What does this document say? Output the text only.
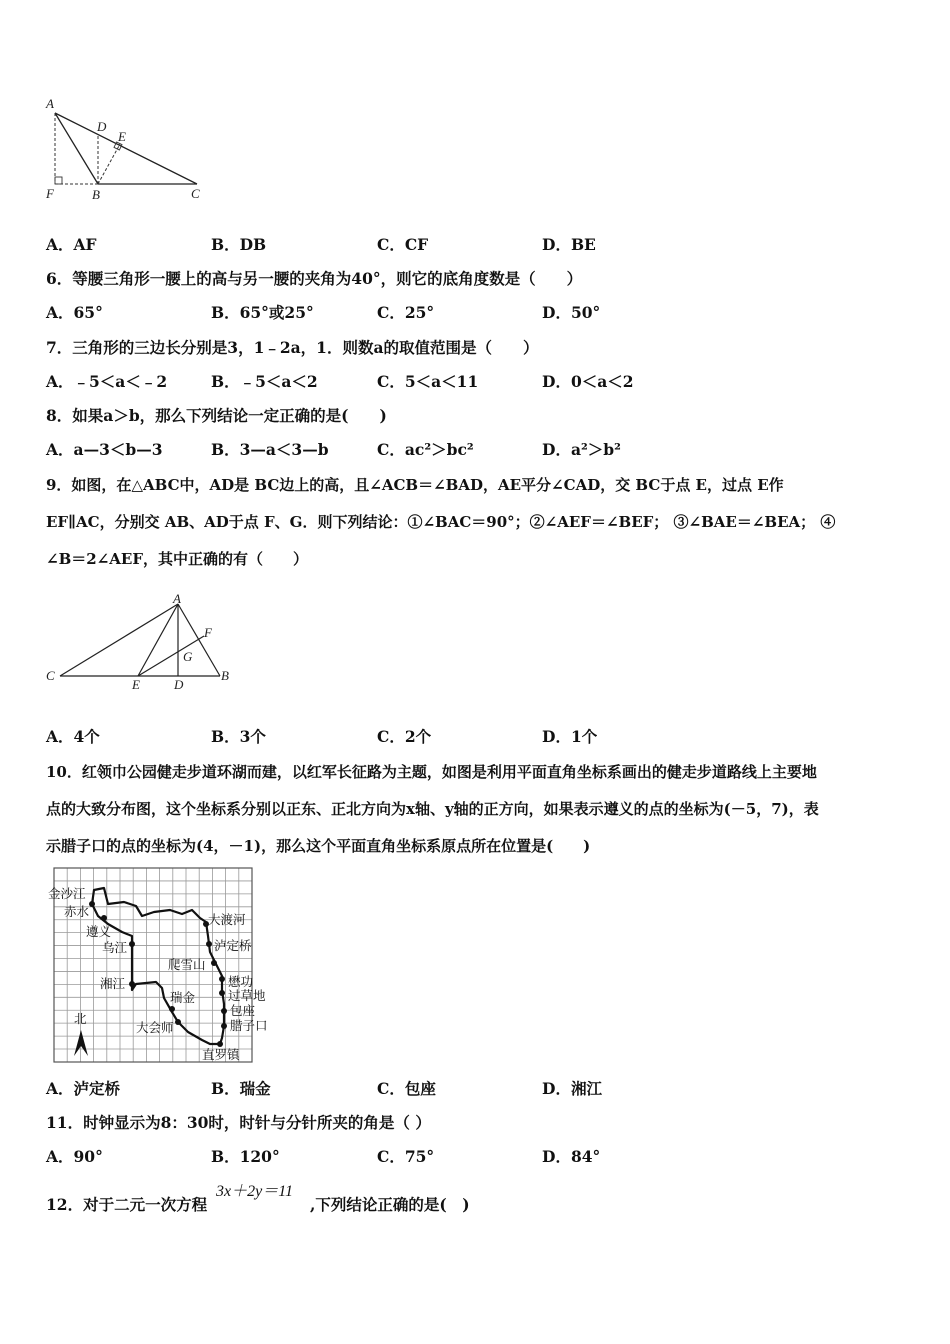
A
D
E
F	B	C
A．AF	B．DB	C．CF	D．BE
6．等腰三角形一腰上的高与另一腰的夹角为40°，则它的底角度数是（　　）
A．65°	B．65°或25°	C．25°	D．50°
7．三角形的三边长分别是3，1﹣2a，1．则数a的取值范围是（　　）
A．﹣5＜a＜﹣2	B．﹣5＜a＜2	C．5＜a＜11	D．0＜a＜2
8．如果a＞b，那么下列结论一定正确的是(　　)
A．a—3＜b—3	B．3—a＜3—b	C．ac²＞bc²	D．a²＞b²
9．如图，在△ABC中，AD是 BC边上的高，且∠ACB＝∠BAD，AE平分∠CAD，交 BC于点 E，过点 E作
EF∥AC，分别交 AB、AD于点 F、G．则下列结论：①∠BAC＝90°；②∠AEF＝∠BEF； ③∠BAE＝∠BEA； ④
∠B＝2∠AEF，其中正确的有（　　）
A
F
G
C
E	D
B
A．4个	B．3个	C．2个	D．1个
10．红领巾公园健走步道环湖而建，以红军长征路为主题，如图是利用平面直角坐标系画出的健走步道路线上主要地
点的大致分布图，这个坐标系分别以正东、正北方向为x轴、y轴的正方向，如果表示遵义的点的坐标为(－5，7)，表
示腊子口的点的坐标为(4，－1)，那么这个平面直角坐标系原点所在位置是(　　)
金沙江
赤水
遵义
乌江
湘江
瑞金
大会师
大渡河
泸定桥
爬雪山
懋功
过草地
包座
腊子口
直罗镇
北
A．泸定桥	B．瑞金	C．包座	D．湘江
11．时钟显示为8：30时，时针与分针所夹的角是（ ）
A．90°	B．120°	C．75°	D．84°
12．对于二元一次方程
3x＋2y＝11
,下列结论正确的是(　)
